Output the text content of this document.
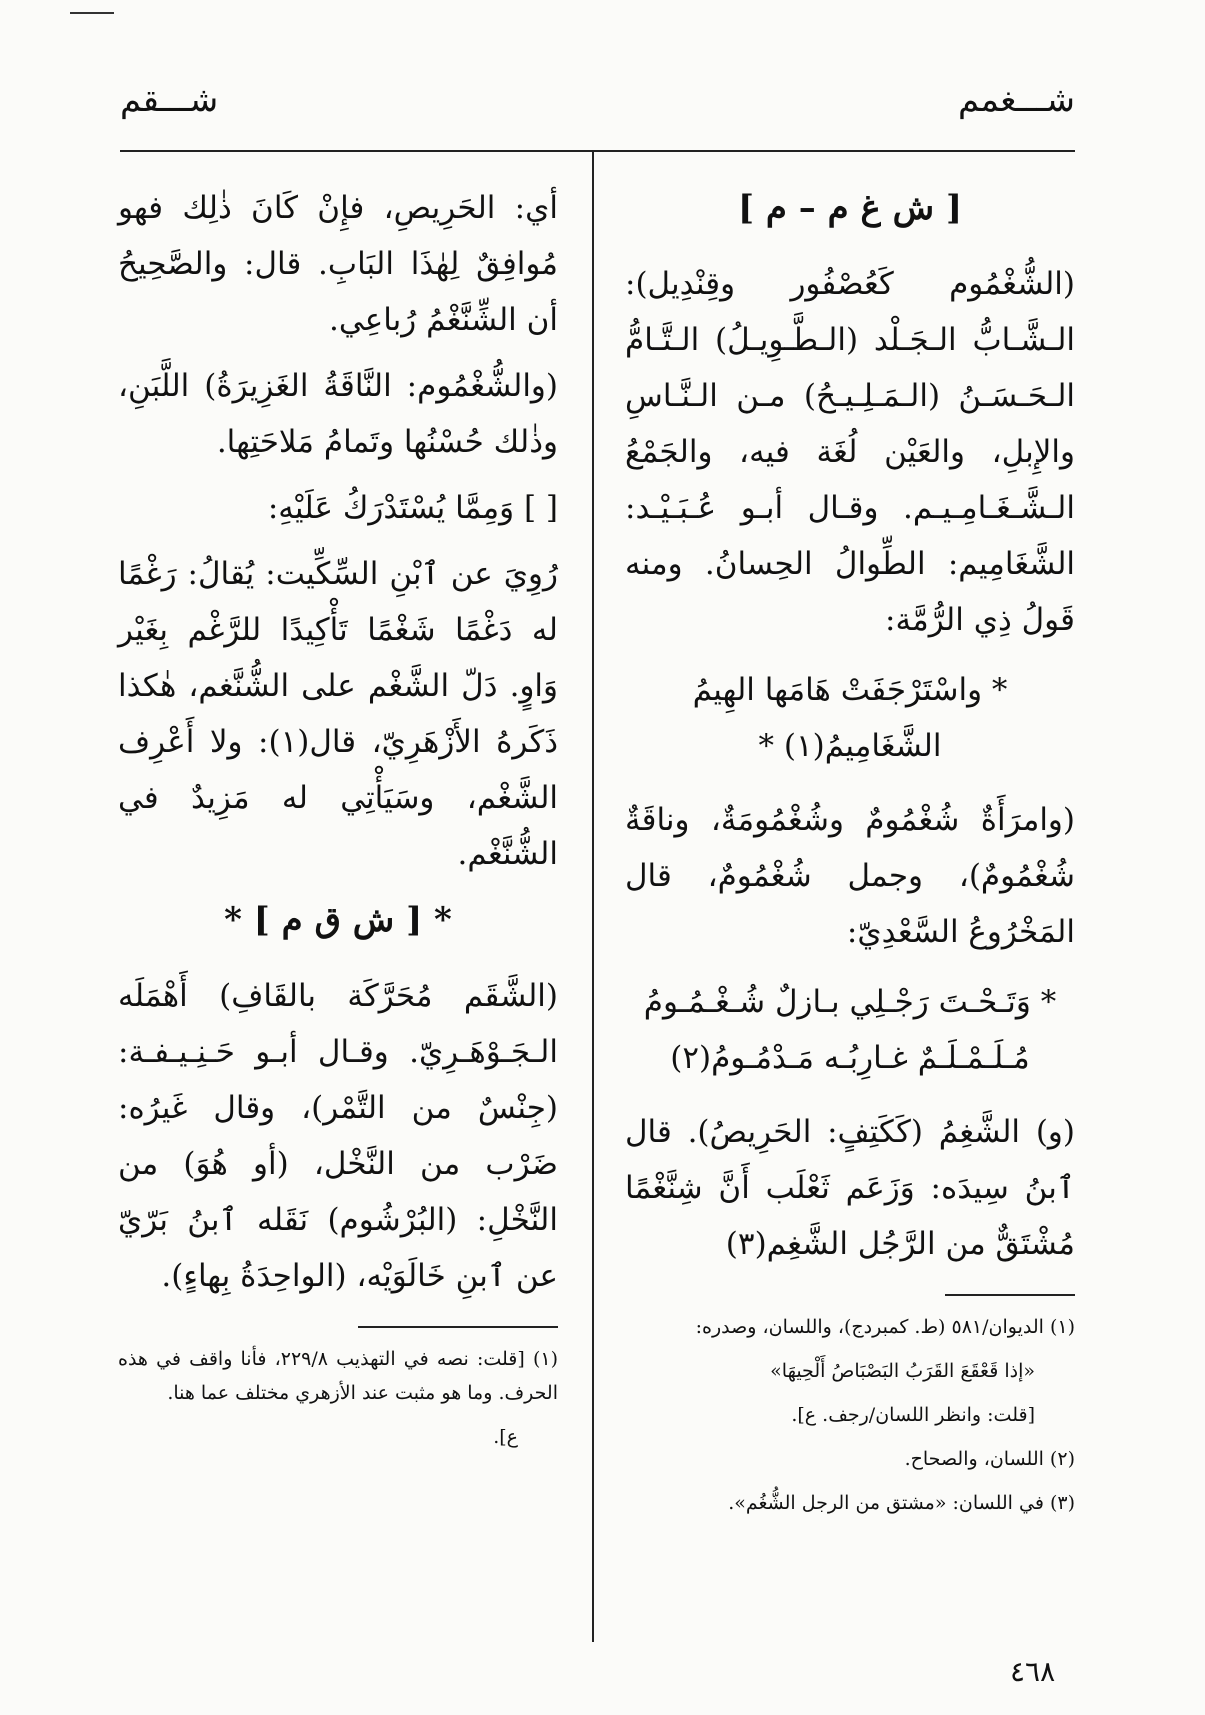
شـــغمم
شـــقم
[ ش غ م – م ]

(الشُّغْمُوم كَعُصْفُور وقِنْدِيل): الـشَّـابُّ الـجَـلْد (الـطَّـوِيـلُ) الـتَّـامُّ الـحَـسَـنُ (الـمَـلِـيـحُ) مـن الـنَّـاسِ والإِبلِ، والعَيْن لُغَة فيه، والجَمْعُ الـشَّـغَـامِـيـم. وقـال أبـو عُـبَـيْـد: الشَّغَامِيم: الطِّوالُ الحِسانُ. ومنه قَولُ ذِي الرُّمَّة:

* واسْتَرْجَفَتْ هَامَها الهِيمُ الشَّغَامِيمُ(١) *

(وامرَأَةٌ شُغْمُومٌ وشُغْمُومَةٌ، وناقَةٌ شُغْمُومٌ)، وجمل شُغْمُومٌ، قال المَخْرُوعُ السَّعْدِيّ:

* وَتَـحْـتَ رَجْـلِي بـازلٌ شُـغْـمُـومُ
مُـلَـمْـلَـمٌ غـارِبُـه مَـدْمُـومُ(٢)

(و) الشَّغِمُ (كَكَتِفٍ: الحَرِيصُ). قال ٱبنُ سِيدَه: وَزَعَم ثَعْلَب أَنَّ شِنَّغْمًا مُشْتَقٌّ من الرَّجُل الشَّغِم(٣)

(١) الديوان/٥٨١ (ط. كمبردج)، واللسان، وصدره:

«إذا قَعْقَعَ القَرَبُ البَصْبَاصُ أَلْحِيهَا»

[قلت: وانظر اللسان/رجف. ع].

(٢) اللسان، والصحاح.

(٣) في اللسان: «مشتق من الرجل الشُّغُم».

أي: الحَرِيصِ، فإِنْ كَانَ ذٰلِك فهو مُوافِقٌ لِهٰذَا البَابِ. قال: والصَّحِيحُ أن الشِّنَّغْمُ رُباعِي.

(والشُّغْمُوم: النَّاقَةُ الغَزِيرَةُ) اللَّبَنِ، وذٰلك حُسْنُها وتَمامُ مَلاحَتِها.

[ ] وَمِمَّا يُسْتَدْرَكُ عَلَيْهِ:

رُوِيَ عن ٱبْنِ السِّكِّيت: يُقالُ: رَغْمًا له دَغْمًا شَغْمًا تَأْكِيدًا للرَّغْم بِغَيْر وَاوٍ. دَلّ الشَّغْم على الشُّنَّغم، هٰكذا ذَكَرهُ الأَزْهَرِيّ، قال(١): ولا أَعْرِف الشَّغْم، وسَيَأْتِي له مَزِيدٌ في الشُّنَّغْم.

* [ ش ق م ] *

(الشَّقَم مُحَرَّكَة بالقَافِ) أَهْمَلَه الـجَـوْهَـرِيّ. وقـال أبـو حَـنِـيـفـة: (جِنْسٌ من التَّمْر)، وقال غَيرُه: ضَرْب من النَّخْل، (أو هُوَ) من النَّخْلِ: (البُرْشُوم) نَقَله ٱبنُ بَرّيّ عن ٱبنِ خَالَوَيْه، (الواحِدَةُ بِهاءٍ).

(١) [قلت: نصه في التهذيب ٢٢٩/٨، فأنا واقف في هذه الحرف. وما هو مثبت عند الأزهري مختلف عما هنا.

ع].

٤٦٨
